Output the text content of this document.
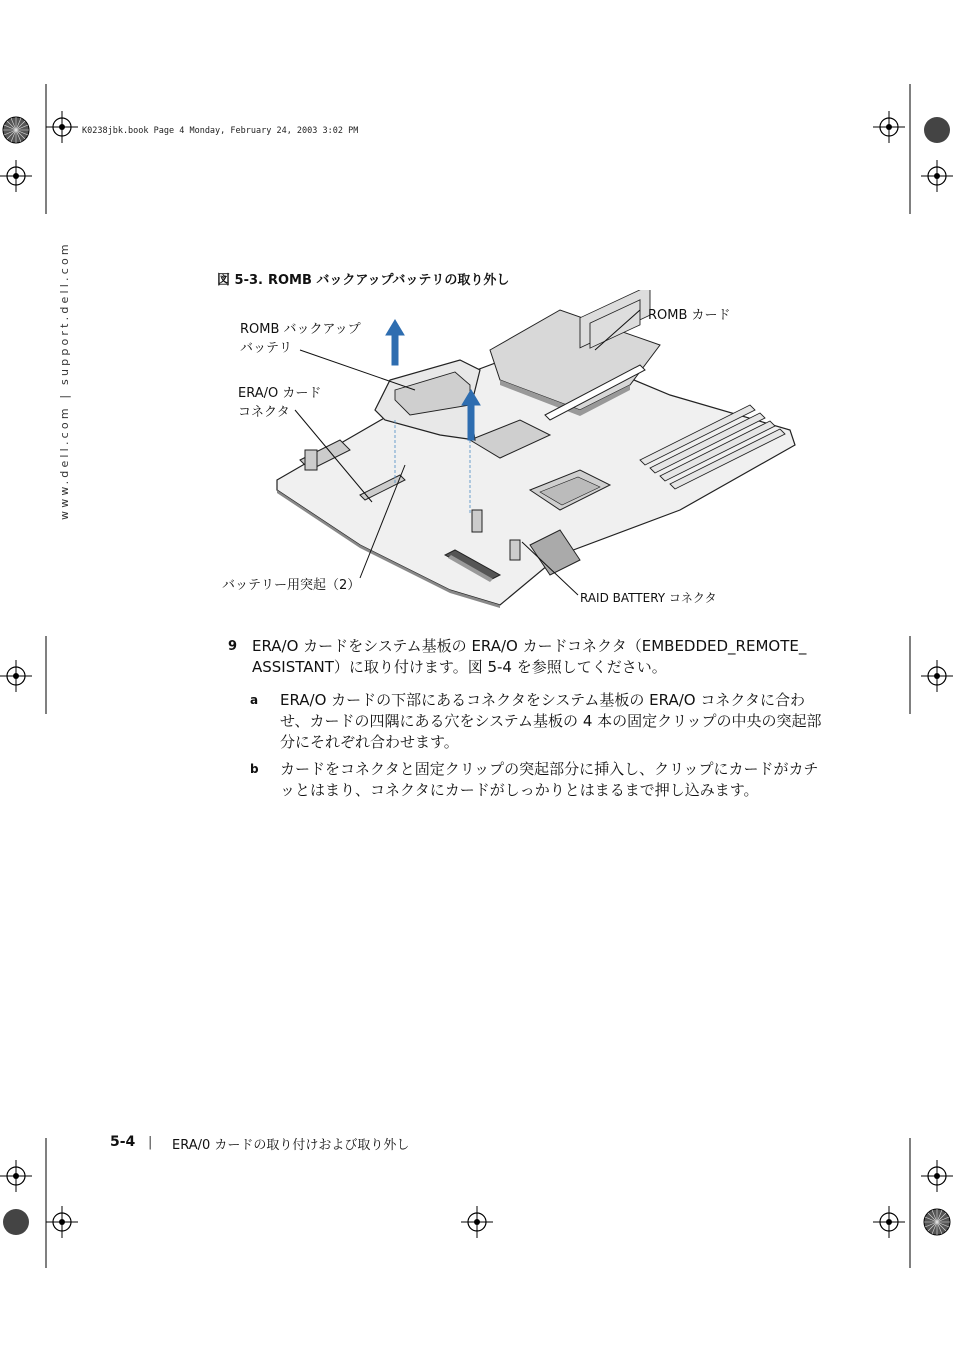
K0238jbk.book Page 4 Monday, February 24, 2003 3:02 PM
www.dell.com | support.dell.com	図 5-3. ROMB バックアップバッテリの取り外し
ROMB バックアップ
バッテリ
ERA/O カード
コネクタ
ROMB カード
バッテリー用突起（2）
RAID BATTERY コネクタ
9 ERA/O カードをシステム基板の ERA/O カードコネクタ（EMBEDDED_REMOTE_ ASSISTANT）に取り付けます。図 5-4 を参照してください。
a ERA/O カードの下部にあるコネクタをシステム基板の ERA/O コネクタに合わせ、カードの四隅にある穴をシステム基板の 4 本の固定クリップの中央の突起部分にそれぞれ合わせます。
b カードをコネクタと固定クリップの突起部分に挿入し、クリップにカードがカチッとはまり、コネクタにカードがしっかりとはまるまで押し込みます。
5-4 | ERA/0 カードの取り付けおよび取り外し
